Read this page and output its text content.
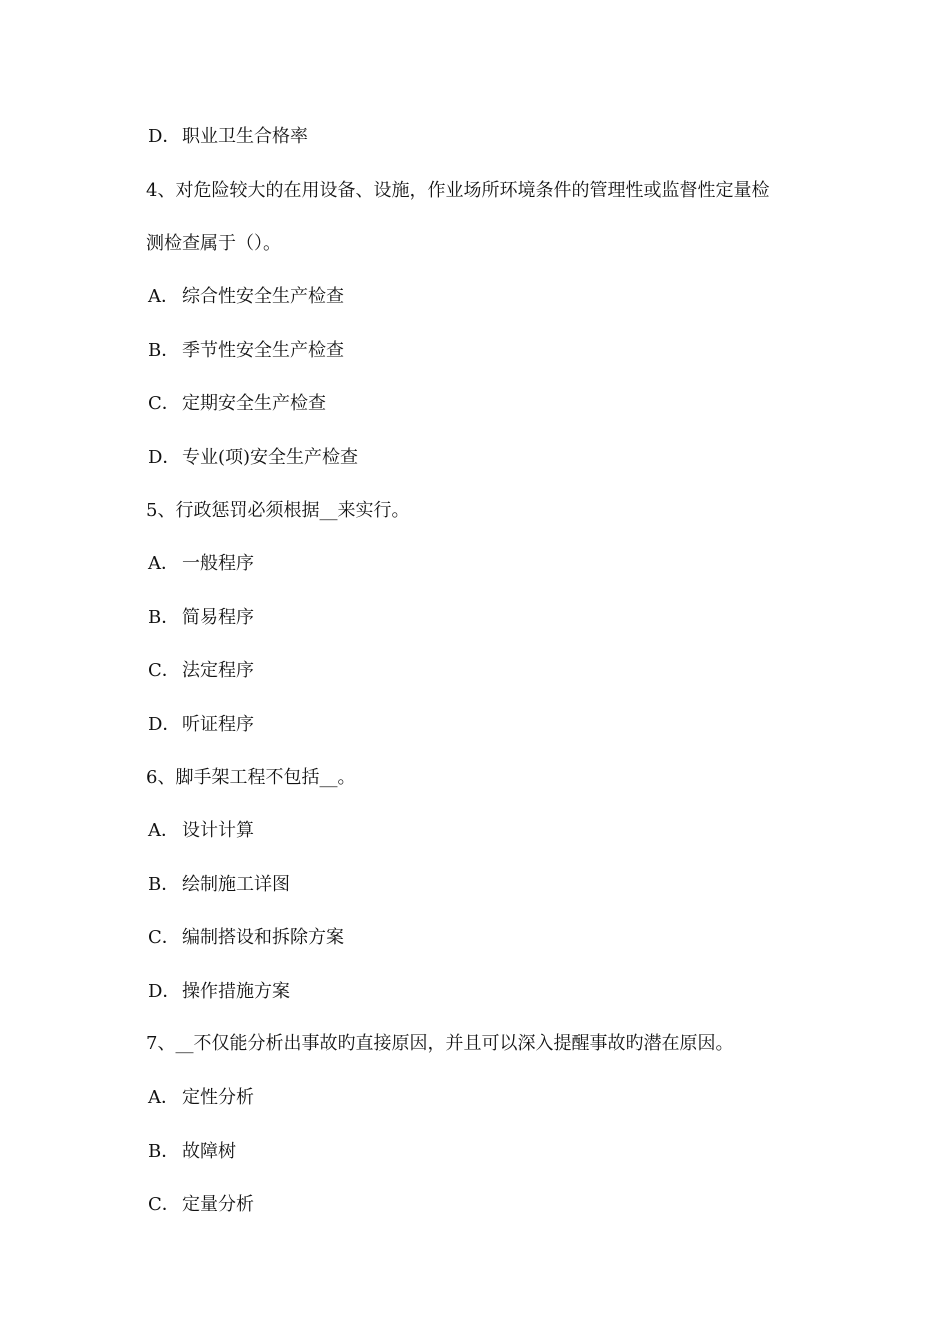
D．职业卫生合格率
4、对危险较大的在用设备、设施，作业场所环境条件的管理性或监督性定量检
测检查属于（）。
A． 综合性安全生产检查
B． 季节性安全生产检查
C． 定期安全生产检查
D．专业(项)安全生产检查
5、行政惩罚必须根据__来实行。
A． 一般程序
B． 简易程序
C． 法定程序
D．听证程序
6、脚手架工程不包括__。
A． 设计计算
B． 绘制施工详图
C． 编制搭设和拆除方案
D．操作措施方案
7、__不仅能分析出事故旳直接原因，并且可以深入提醒事故旳潜在原因。
A． 定性分析
B． 故障树
C． 定量分析
